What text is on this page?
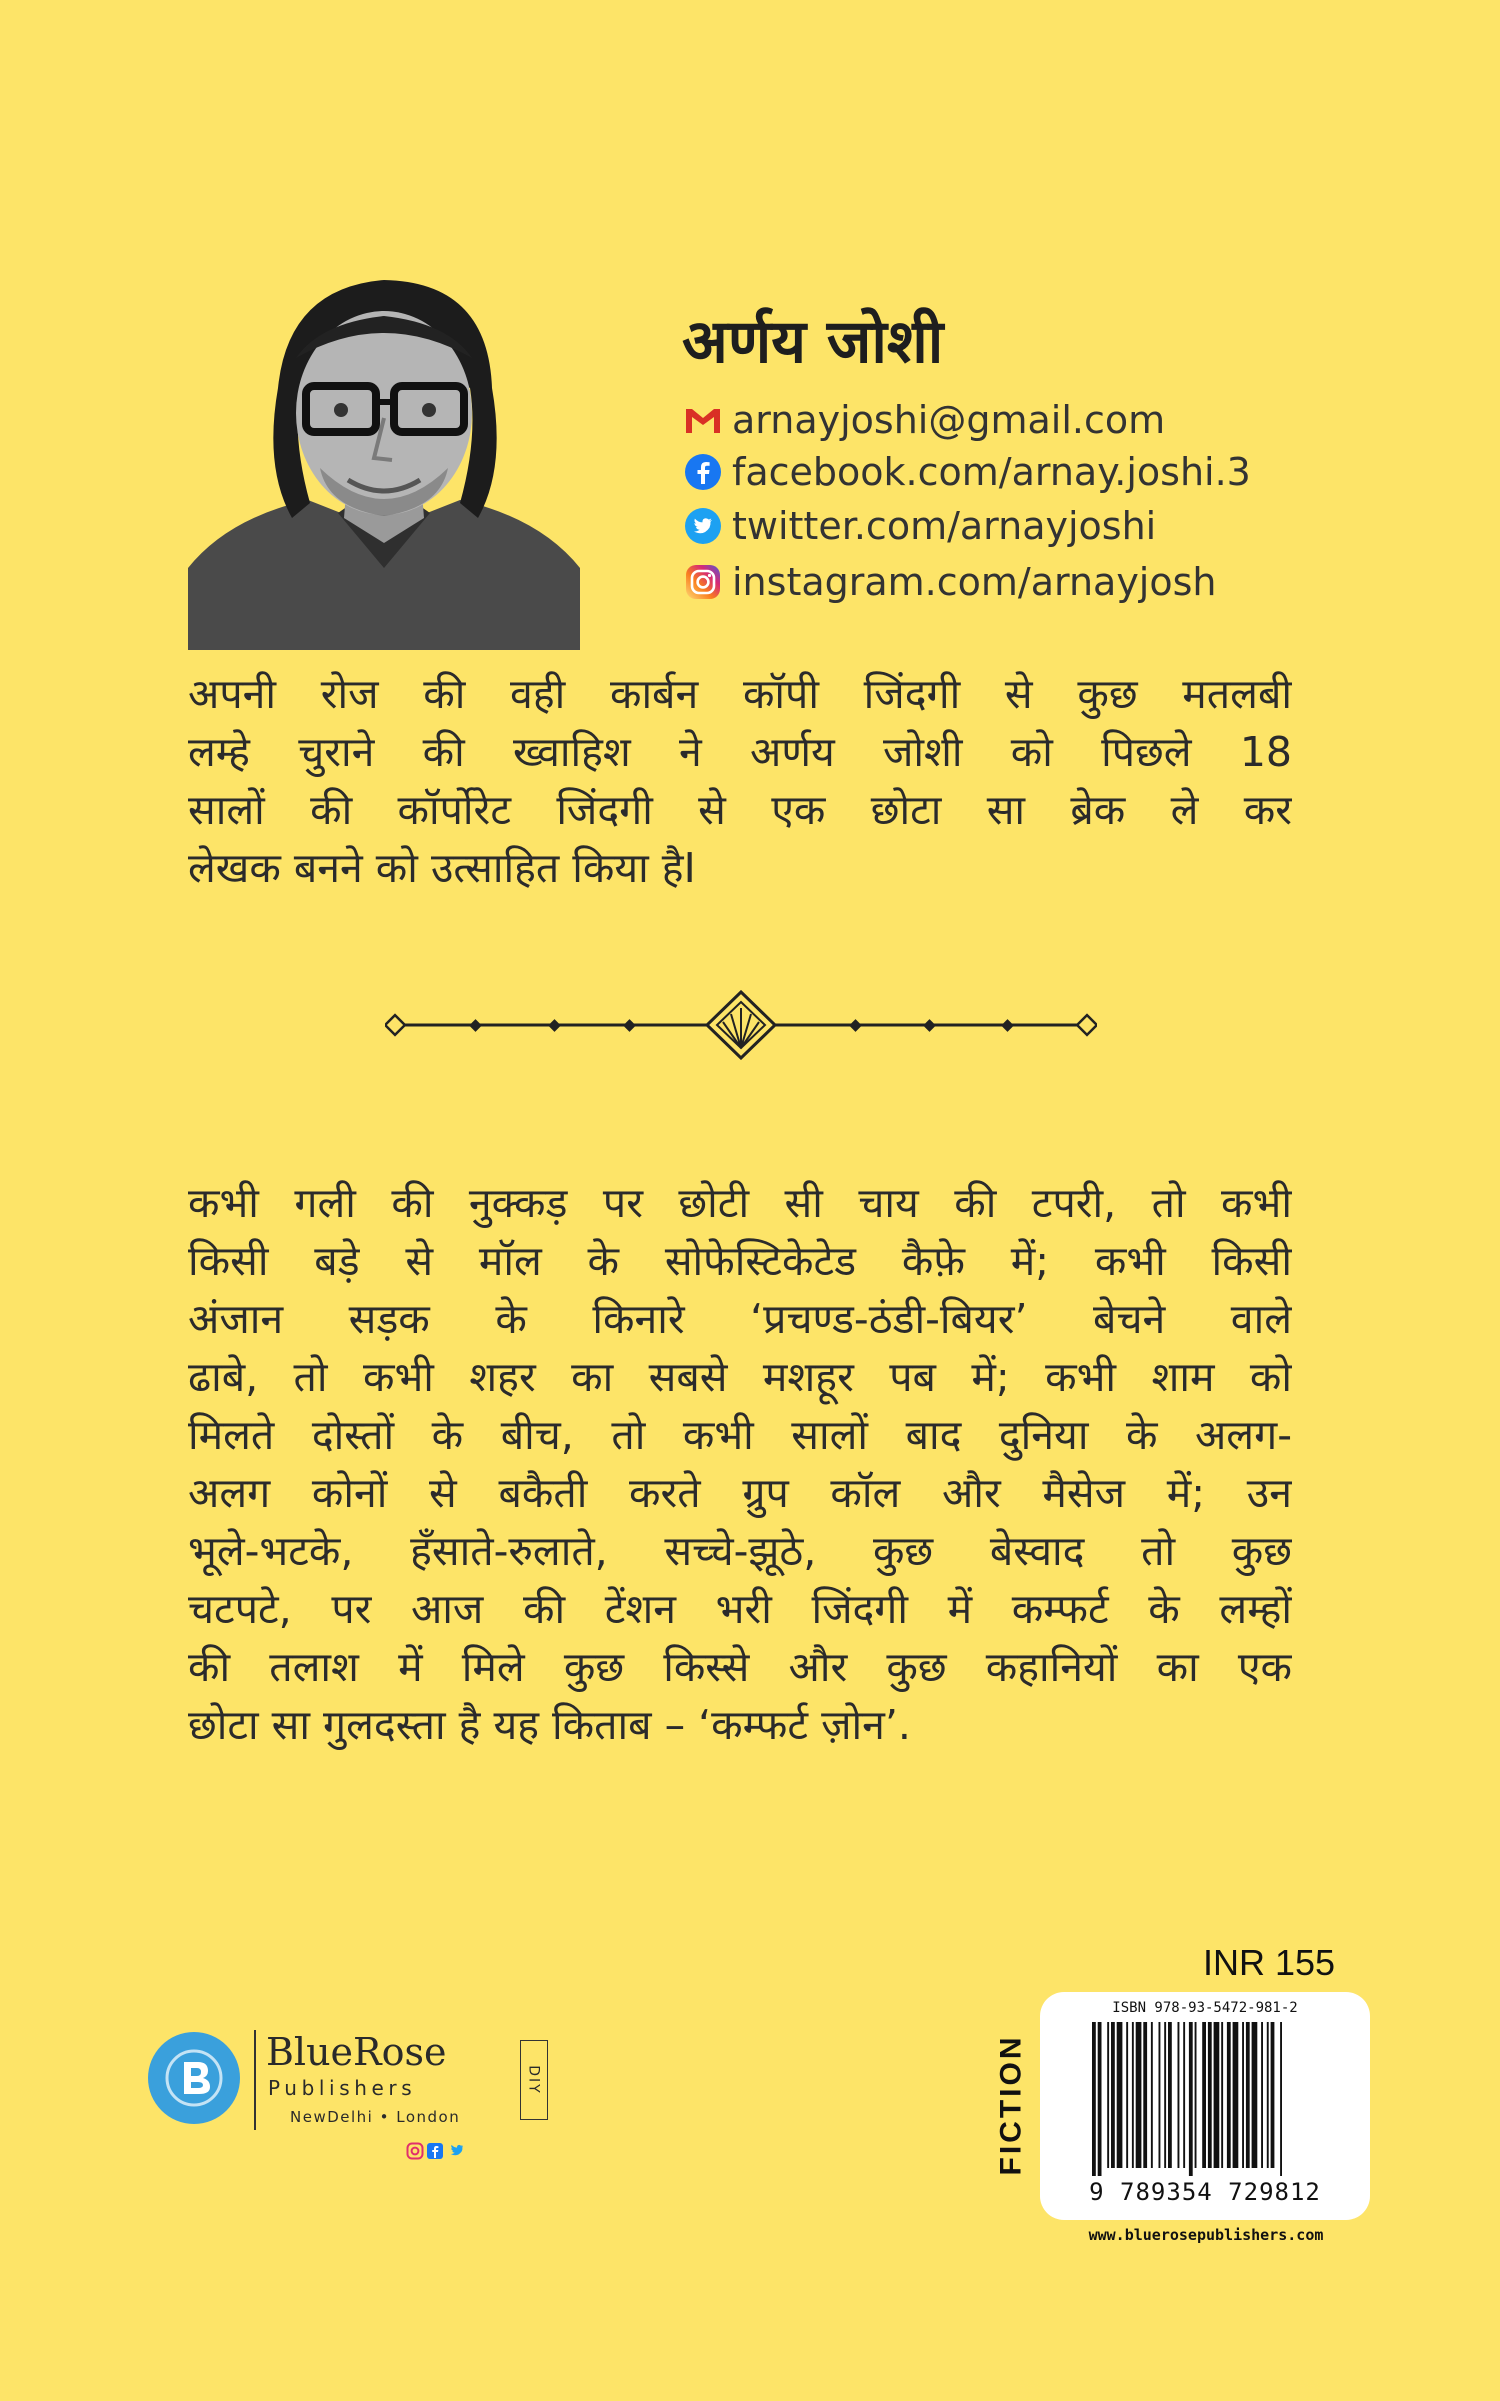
अर्णय जोशी
arnayjoshi@gmail.com
facebook.com/arnay.joshi.3
twitter.com/arnayjoshi
instagram.com/arnayjosh
अपनी रोज की वही कार्बन कॉपी जिंदगी से कुछ मतलबी
लम्हे चुराने की ख्वाहिश ने अर्णय जोशी को पिछले 18
सालों की कॉर्पोरेट जिंदगी से एक छोटा सा ब्रेक ले कर
लेखक बनने को उत्साहित किया हैI
कभी गली की नुक्कड़ पर छोटी सी चाय की टपरी, तो कभी
किसी बड़े से मॉल के सोफेस्टिकेटेड कैफ़े में; कभी किसी
अंजान सड़क के किनारे ‘प्रचण्ड-ठंडी-बियर’ बेचने वाले
ढाबे, तो कभी शहर का सबसे मशहूर पब में; कभी शाम को
मिलते दोस्तों के बीच, तो कभी सालों बाद दुनिया के अलग-
अलग कोनों से बकैती करते ग्रुप कॉल और मैसेज में; उन
भूले-भटके, हँसाते-रुलाते, सच्चे-झूठे, कुछ बेस्वाद तो कुछ
चटपटे, पर आज की टेंशन भरी जिंदगी में कम्फर्ट के लम्हों
की तलाश में मिले कुछ किस्से और कुछ कहानियों का एक
छोटा सा गुलदस्ता है यह किताब – ‘कम्फर्ट ज़ोन’.
BlueRose
Publishers
NewDelhi • London
DIY
INR 155
FICTION
ISBN 978-93-5472-981-2
9 789354 729812
www.bluerosepublishers.com
